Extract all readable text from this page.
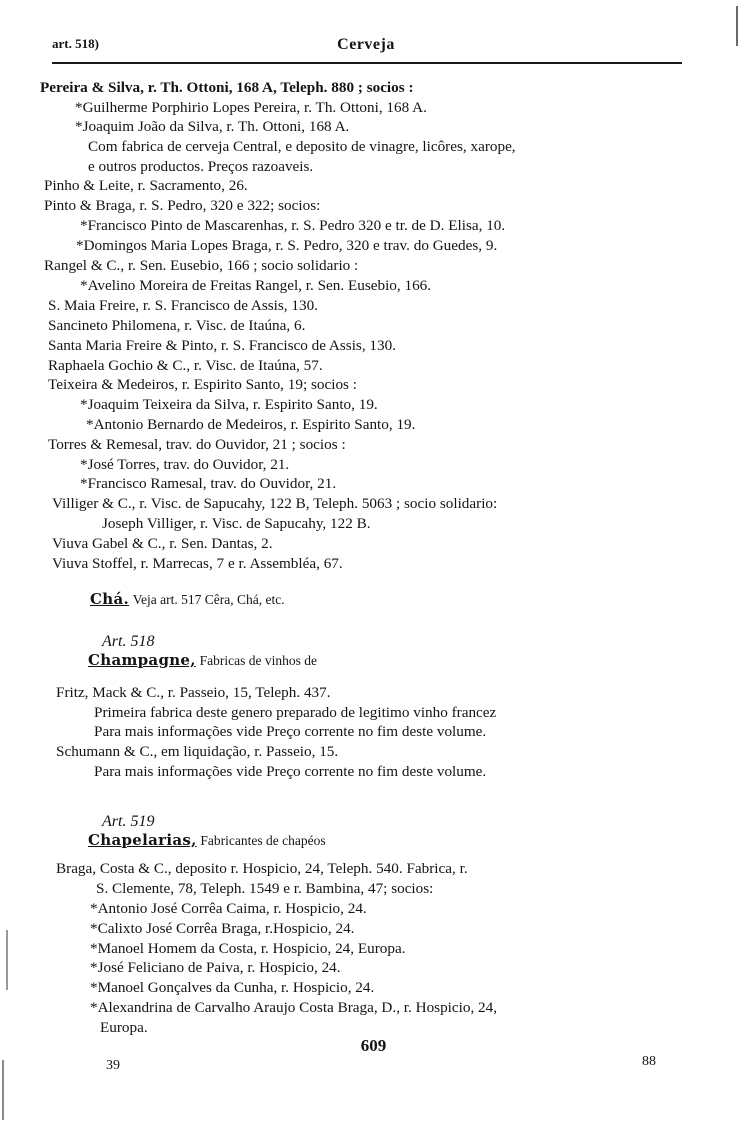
art. 518)	Cerveja
Pereira & Silva, r. Th. Ottoni, 168 A, Teleph. 880 ; socios :
*Guilherme Porphirio Lopes Pereira, r. Th. Ottoni, 168 A.
*Joaquim João da Silva, r. Th. Ottoni, 168 A.
Com fabrica de cerveja Central, e deposito de vinagre, licôres, xarope,
e outros productos. Preços razoaveis.
Pinho & Leite, r. Sacramento, 26.
Pinto & Braga, r. S. Pedro, 320 e 322; socios:
*Francisco Pinto de Mascarenhas, r. S. Pedro 320 e tr. de D. Elisa, 10.
*Domingos Maria Lopes Braga, r. S. Pedro, 320 e trav. do Guedes, 9.
Rangel & C., r. Sen. Eusebio, 166 ; socio solidario :
*Avelino Moreira de Freitas Rangel, r. Sen. Eusebio, 166.
S. Maia Freire, r. S. Francisco de Assis, 130.
Sancineto Philomena, r. Visc. de Itaúna, 6.
Santa Maria Freire & Pinto, r. S. Francisco de Assis, 130.
Raphaela Gochio & C., r. Visc. de Itaúna, 57.
Teixeira & Medeiros, r. Espirito Santo, 19; socios :
*Joaquim Teixeira da Silva, r. Espirito Santo, 19.
*Antonio Bernardo de Medeiros, r. Espirito Santo, 19.
Torres & Remesal, trav. do Ouvidor, 21 ; socios :
*José Torres, trav. do Ouvidor, 21.
*Francisco Ramesal, trav. do Ouvidor, 21.
Villiger & C., r. Visc. de Sapucahy, 122 B, Teleph. 5063 ; socio solidario:
Joseph Villiger, r. Visc. de Sapucahy, 122 B.
Viuva Gabel & C., r. Sen. Dantas, 2.
Viuva Stoffel, r. Marrecas, 7 e r. Assembléa, 67.
Chá. Veja art. 517 Cêra, Chá, etc.
Art. 518
Champagne, Fabricas de vinhos de
Fritz, Mack & C., r. Passeio, 15, Teleph. 437.
Primeira fabrica deste genero preparado de legitimo vinho francez
Para mais informações vide Preço corrente no fim deste volume.
Schumann & C., em liquidação, r. Passeio, 15.
Para mais informações vide Preço corrente no fim deste volume.
Art. 519
Chapelarias, Fabricantes de chapéos
Braga, Costa & C., deposito r. Hospicio, 24, Teleph. 540. Fabrica, r.
S. Clemente, 78, Teleph. 1549 e r. Bambina, 47; socios:
*Antonio José Corrêa Caima, r. Hospicio, 24.
*Calixto José Corrêa Braga, r.Hospicio, 24.
*Manoel Homem da Costa, r. Hospicio, 24, Europa.
*José Feliciano de Paiva, r. Hospicio, 24.
*Manoel Gonçalves da Cunha, r. Hospicio, 24.
*Alexandrina de Carvalho Araujo Costa Braga, D., r. Hospicio, 24,
Europa.
609
39	88
